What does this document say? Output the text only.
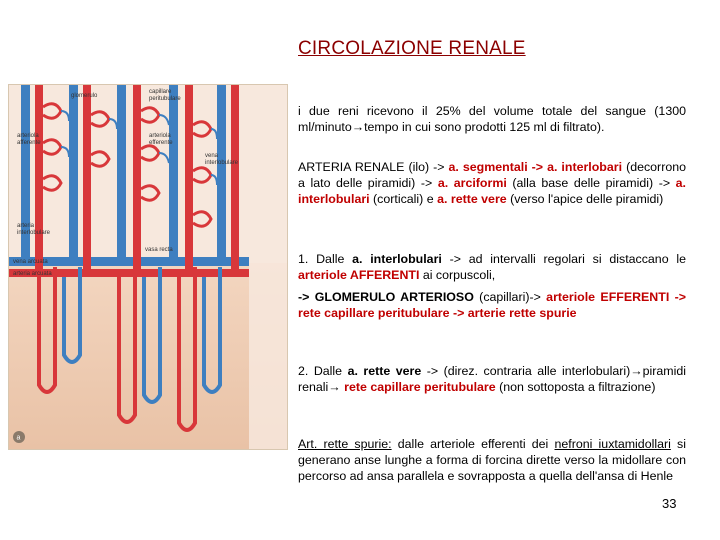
CIRCOLAZIONE RENALE
glomerulo
capillare
peritubulare
arteriola
afferente
arteriola
efferente
vena
interlobulare
arteria
interlobulare
vasa recta
vena arcuata
arteria arcuata
a
i due reni ricevono il 25% del volume totale del sangue (1300 ml/minuto→tempo in cui sono prodotti 125 ml di filtrato).
ARTERIA RENALE (ilo) -> a. segmentali -> a. interlobari (decorrono a lato delle piramidi) -> a. arciformi (alla base delle piramidi) -> a. interlobulari (corticali) e a. rette vere (verso l'apice delle piramidi)
1. Dalle a. interlobulari -> ad intervalli regolari si distaccano le arteriole AFFERENTI ai corpuscoli,
-> GLOMERULO ARTERIOSO (capillari)-> arteriole EFFERENTI -> rete capillare peritubulare -> arterie rette spurie
2. Dalle a. rette vere -> (direz. contraria alle interlobulari)→piramidi renali→ rete capillare peritubulare (non sottoposta a filtrazione)
Art. rette spurie: dalle arteriole efferenti dei nefroni iuxtamidollari si generano anse lunghe a forma di forcina dirette verso la midollare con percorso ad ansa parallela e sovrapposta a quella dell'ansa di Henle
33
